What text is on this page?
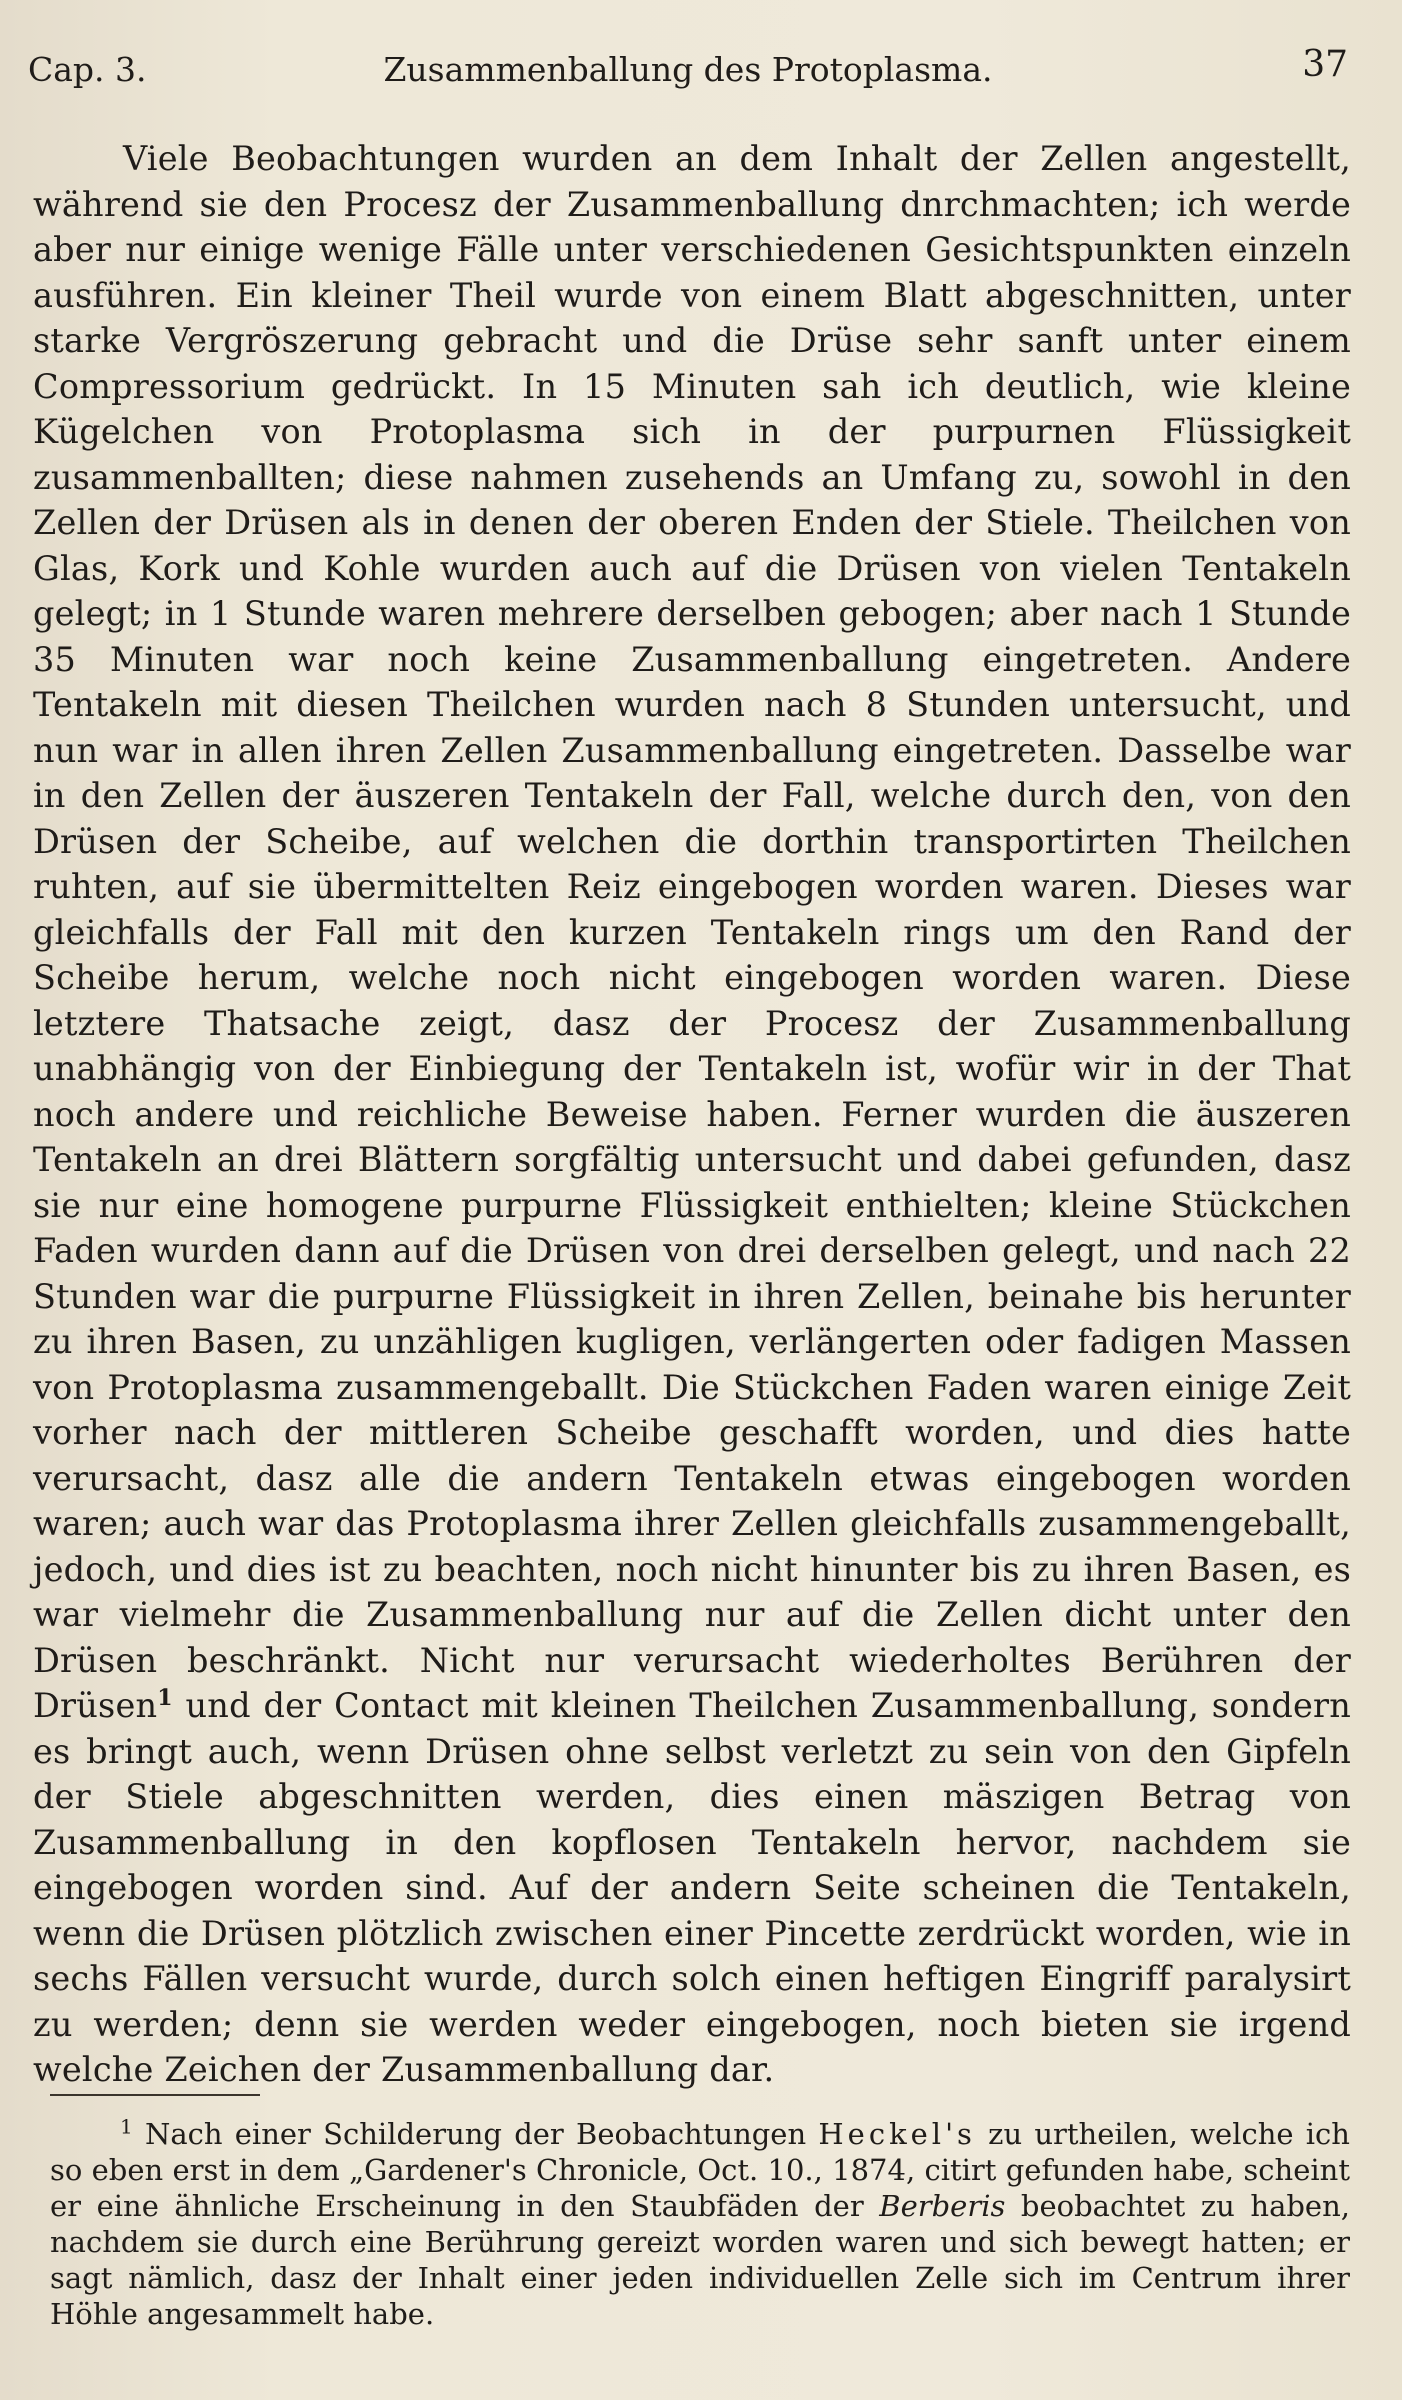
Cap. 3.	Zusammenballung des Protoplasma.	37

Viele Beobachtungen wurden an dem Inhalt der Zellen angestellt, während sie den Procesz der Zusammenballung dnrchmachten; ich werde aber nur einige wenige Fälle unter verschiedenen Gesichtspunkten einzeln ausführen. Ein kleiner Theil wurde von einem Blatt abgeschnitten, unter starke Vergröszerung gebracht und die Drüse sehr sanft unter einem Compressorium gedrückt. In 15 Minuten sah ich deutlich, wie kleine Kügelchen von Protoplasma sich in der purpurnen Flüssigkeit zusammenballten; diese nahmen zusehends an Umfang zu, sowohl in den Zellen der Drüsen als in denen der oberen Enden der Stiele. Theilchen von Glas, Kork und Kohle wurden auch auf die Drüsen von vielen Tentakeln gelegt; in 1 Stunde waren mehrere derselben gebogen; aber nach 1 Stunde 35 Minuten war noch keine Zusammenballung eingetreten. Andere Tentakeln mit diesen Theilchen wurden nach 8 Stunden untersucht, und nun war in allen ihren Zellen Zusammenballung eingetreten. Dasselbe war in den Zellen der äuszeren Tentakeln der Fall, welche durch den, von den Drüsen der Scheibe, auf welchen die dorthin transportirten Theilchen ruhten, auf sie übermittelten Reiz eingebogen worden waren. Dieses war gleichfalls der Fall mit den kurzen Tentakeln rings um den Rand der Scheibe herum, welche noch nicht eingebogen worden waren. Diese letztere Thatsache zeigt, dasz der Procesz der Zusammenballung unabhängig von der Einbiegung der Tentakeln ist, wofür wir in der That noch andere und reichliche Beweise haben. Ferner wurden die äuszeren Tentakeln an drei Blättern sorgfältig untersucht und dabei gefunden, dasz sie nur eine homogene purpurne Flüssigkeit enthielten; kleine Stückchen Faden wurden dann auf die Drüsen von drei derselben gelegt, und nach 22 Stunden war die purpurne Flüssigkeit in ihren Zellen, beinahe bis herunter zu ihren Basen, zu unzähligen kugligen, verlängerten oder fadigen Massen von Protoplasma zusammengeballt. Die Stückchen Faden waren einige Zeit vorher nach der mittleren Scheibe geschafft worden, und dies hatte verursacht, dasz alle die andern Tentakeln etwas eingebogen worden waren; auch war das Protoplasma ihrer Zellen gleichfalls zusammengeballt, jedoch, und dies ist zu beachten, noch nicht hinunter bis zu ihren Basen, es war vielmehr die Zusammenballung nur auf die Zellen dicht unter den Drüsen beschränkt. Nicht nur verursacht wiederholtes Berühren der Drüsen$^1$ und der Contact mit kleinen Theilchen Zusammenballung, sondern es bringt auch, wenn Drüsen ohne selbst verletzt zu sein von den Gipfeln der Stiele abgeschnitten werden, dies einen mäszigen Betrag von Zusammenballung in den kopflosen Tentakeln hervor, nachdem sie eingebogen worden sind. Auf der andern Seite scheinen die Tentakeln, wenn die Drüsen plötzlich zwischen einer Pincette zerdrückt worden, wie in sechs Fällen versucht wurde, durch solch einen heftigen Eingriff paralysirt zu werden; denn sie werden weder eingebogen, noch bieten sie irgend welche Zeichen der Zusammenballung dar.

$^1$ Nach einer Schilderung der Beobachtungen Heckel's zu urtheilen, welche ich so eben erst in dem „Gardener's Chronicle, Oct. 10., 1874, citirt gefunden habe, scheint er eine ähnliche Erscheinung in den Staubfäden der Berberis beobachtet zu haben, nachdem sie durch eine Berührung gereizt worden waren und sich bewegt hatten; er sagt nämlich, dasz der Inhalt einer jeden individuellen Zelle sich im Centrum ihrer Höhle angesammelt habe.
